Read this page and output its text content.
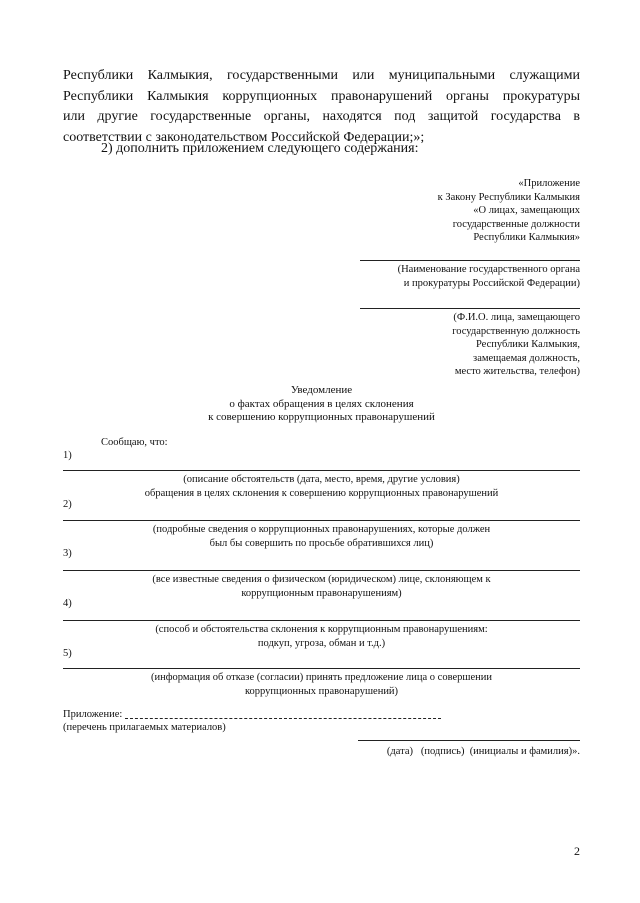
Республики Калмыкия, государственными или муниципальными служащими
Республики Калмыкия коррупционных правонарушений органы прокуратуры
или другие государственные органы, находятся под защитой государства в
соответствии с законодательством Российской Федерации;»;

2) дополнить приложением следующего содержания:

«Приложение
к Закону Республики Калмыкия
«О лицах, замещающих
государственные должности
Республики Калмыкия»
(Наименование государственного органа
и прокуратуры Российской Федерации)
(Ф.И.О. лица, замещающего
государственную должность
Республики Калмыкия,
замещаемая должность,
место жительства, телефон)
Уведомление
о фактах обращения в целях склонения
к совершению коррупционных правонарушений
Сообщаю, что:
1)
(описание обстоятельств (дата, место, время, другие условия)
обращения в целях склонения к совершению коррупционных правонарушений
2)
(подробные сведения о коррупционных правонарушениях, которые должен
был бы совершить по просьбе обратившихся лиц)
3)
(все известные сведения о физическом (юридическом) лице, склоняющем к
коррупционным правонарушениям)
4)
(способ и обстоятельства склонения к коррупционным правонарушениям:
подкуп, угроза, обман и т.д.)
5)
(информация об отказе (согласии) принять предложение лица о совершении
коррупционных правонарушений)
Приложение:
(перечень прилагаемых материалов)
(дата)   (подпись)  (инициалы и фамилия)».
2
